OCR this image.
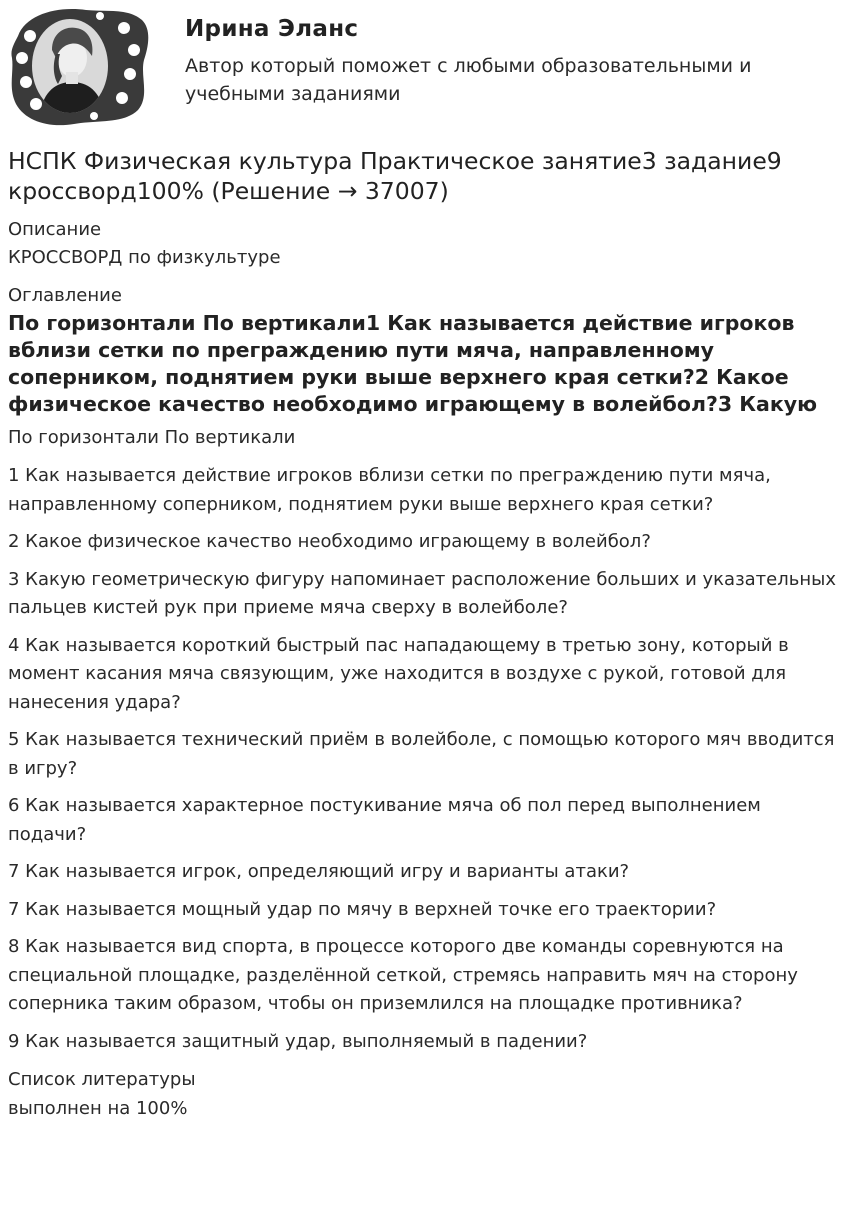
Ирина Эланс
Автор который поможет с любыми образовательными и учебными заданиями
НСПК Физическая культура Практическое занятие3 задание9 кроссворд100% (Решение → 37007)
Описание
КРОССВОРД по физкультуре
Оглавление
По горизонтали По вертикали1 Как называется действие игроков вблизи сетки по преграждению пути мяча, направленному соперником, поднятием руки выше верхнего края сетки?2 Какое физическое качество необходимо играющему в волейбол?3 Какую
По горизонтали По вертикали
1 Как называется действие игроков вблизи сетки по преграждению пути мяча, направленному соперником, поднятием руки выше верхнего края сетки?
2 Какое физическое качество необходимо играющему в волейбол?
3 Какую геометрическую фигуру напоминает расположение больших и указательных пальцев кистей рук при приеме мяча сверху в волейболе?
4 Как называется короткий быстрый пас нападающему в третью зону, который в момент касания мяча связующим, уже находится в воздухе с рукой, готовой для нанесения удара?
5 Как называется технический приём в волейболе, с помощью которого мяч вводится в игру?
6 Как называется характерное постукивание мяча об пол перед выполнением подачи?
7 Как называется игрок, определяющий игру и варианты атаки?
7 Как называется мощный удар по мячу в верхней точке его траектории?
8 Как называется вид спорта, в процессе которого две команды соревнуются на специальной площадке, разделённой сеткой, стремясь направить мяч на сторону соперника таким образом, чтобы он приземлился на площадке противника?
9 Как называется защитный удар, выполняемый в падении?
Список литературы
выполнен на 100%
